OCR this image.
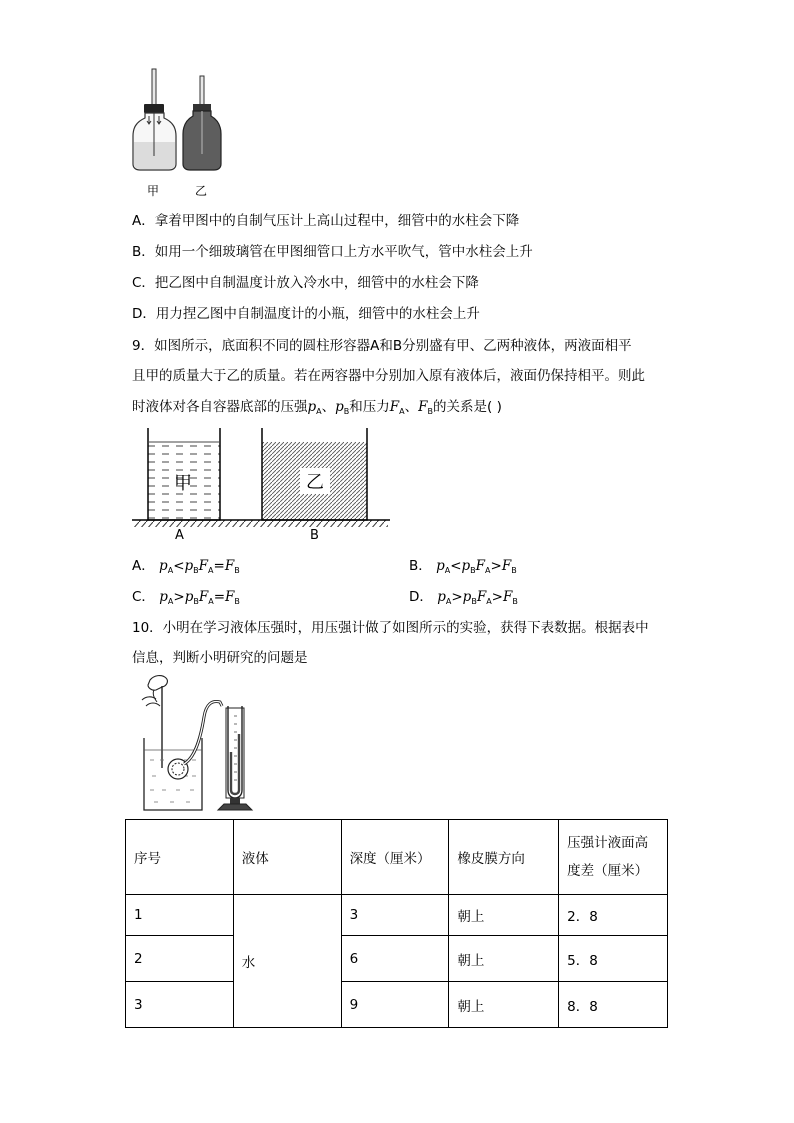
甲	乙
A．拿着甲图中的自制气压计上高山过程中，细管中的水柱会下降
B．如用一个细玻璃管在甲图细管口上方水平吹气，管中水柱会上升
C．把乙图中自制温度计放入冷水中，细管中的水柱会下降
D．用力捏乙图中自制温度计的小瓶，细管中的水柱会上升
9．如图所示，底面积不同的圆柱形容器A和B分别盛有甲、乙两种液体，两液面相平
且甲的质量大于乙的质量。若在两容器中分别加入原有液体后，液面仍保持相平。则此
时液体对各自容器底部的压强$p_A$、$p_B$和压力$F_A$、$F_B$的关系是( )
甲	乙
A	B
A． $p_A<p_BF_A=F_B$	B． $p_A<p_BF_A>F_B$
C． $p_A>p_BF_A=F_B$	D． $p_A>p_BF_A>F_B$
10．小明在学习液体压强时，用压强计做了如图所示的实验，获得下表数据。根据表中
信息，判断小明研究的问题是
序号	液体	深度（厘米）	橡皮膜方向	压强计液面高度差（厘米）
1	水	3	朝上	2．8
2		6	朝上	5．8
3		9	朝上	8．8
